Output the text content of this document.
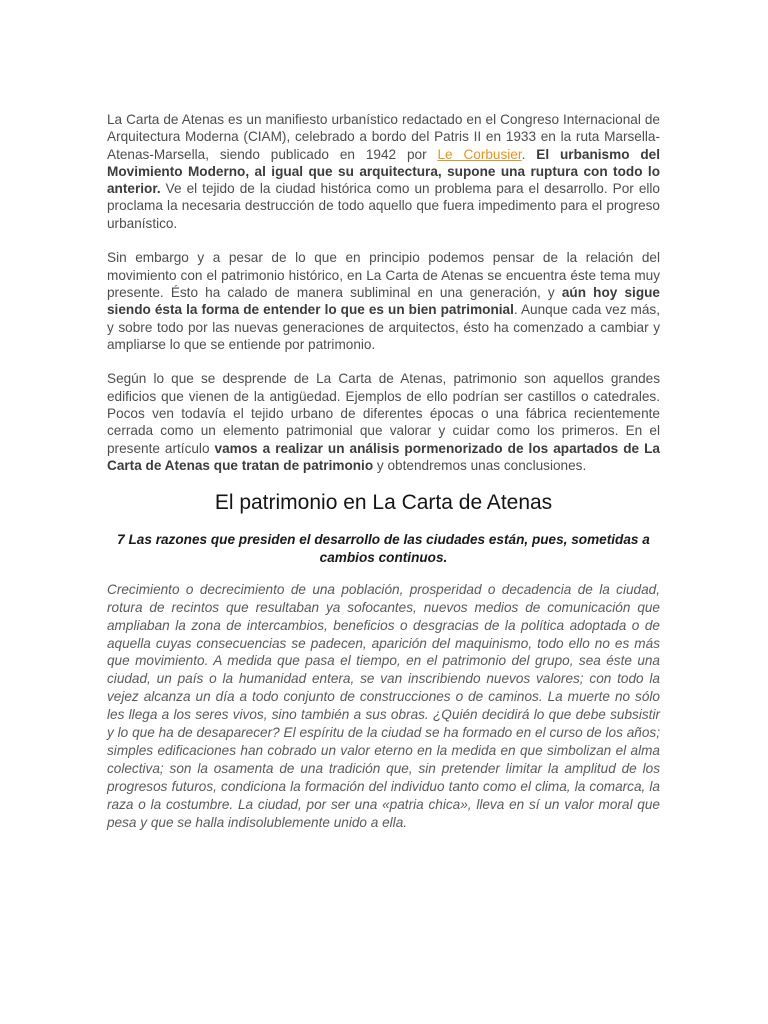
La Carta de Atenas es un manifiesto urbanístico redactado en el Congreso Internacional de Arquitectura Moderna (CIAM), celebrado a bordo del Patris II en 1933 en la ruta Marsella-Atenas-Marsella, siendo publicado en 1942 por Le Corbusier. El urbanismo del Movimiento Moderno, al igual que su arquitectura, supone una ruptura con todo lo anterior. Ve el tejido de la ciudad histórica como un problema para el desarrollo. Por ello proclama la necesaria destrucción de todo aquello que fuera impedimento para el progreso urbanístico.

Sin embargo y a pesar de lo que en principio podemos pensar de la relación del movimiento con el patrimonio histórico, en La Carta de Atenas se encuentra éste tema muy presente. Ésto ha calado de manera subliminal en una generación, y aún hoy sigue siendo ésta la forma de entender lo que es un bien patrimonial. Aunque cada vez más, y sobre todo por las nuevas generaciones de arquitectos, ésto ha comenzado a cambiar y ampliarse lo que se entiende por patrimonio.

Según lo que se desprende de La Carta de Atenas, patrimonio son aquellos grandes edificios que vienen de la antigüedad. Ejemplos de ello podrían ser castillos o catedrales. Pocos ven todavía el tejido urbano de diferentes épocas o una fábrica recientemente cerrada como un elemento patrimonial que valorar y cuidar como los primeros. En el presente artículo vamos a realizar un análisis pormenorizado de los apartados de La Carta de Atenas que tratan de patrimonio y obtendremos unas conclusiones.

El patrimonio en La Carta de Atenas

7 Las razones que presiden el desarrollo de las ciudades están, pues, sometidas a cambios continuos.

Crecimiento o decrecimiento de una población, prosperidad o decadencia de la ciudad, rotura de recintos que resultaban ya sofocantes, nuevos medios de comunicación que ampliaban la zona de intercambios, beneficios o desgracias de la política adoptada o de aquella cuyas consecuencias se padecen, aparición del maquinismo, todo ello no es más que movimiento. A medida que pasa el tiempo, en el patrimonio del grupo, sea éste una ciudad, un país o la humanidad entera, se van inscribiendo nuevos valores; con todo la vejez alcanza un día a todo conjunto de construcciones o de caminos. La muerte no sólo les llega a los seres vivos, sino también a sus obras. ¿Quién decidirá lo que debe subsistir y lo que ha de desaparecer? El espíritu de la ciudad se ha formado en el curso de los años; simples edificaciones han cobrado un valor eterno en la medida en que simbolizan el alma colectiva; son la osamenta de una tradición que, sin pretender limitar la amplitud de los progresos futuros, condiciona la formación del individuo tanto como el clima, la comarca, la raza o la costumbre. La ciudad, por ser una «patria chica», lleva en sí un valor moral que pesa y que se halla indisolublemente unido a ella.
